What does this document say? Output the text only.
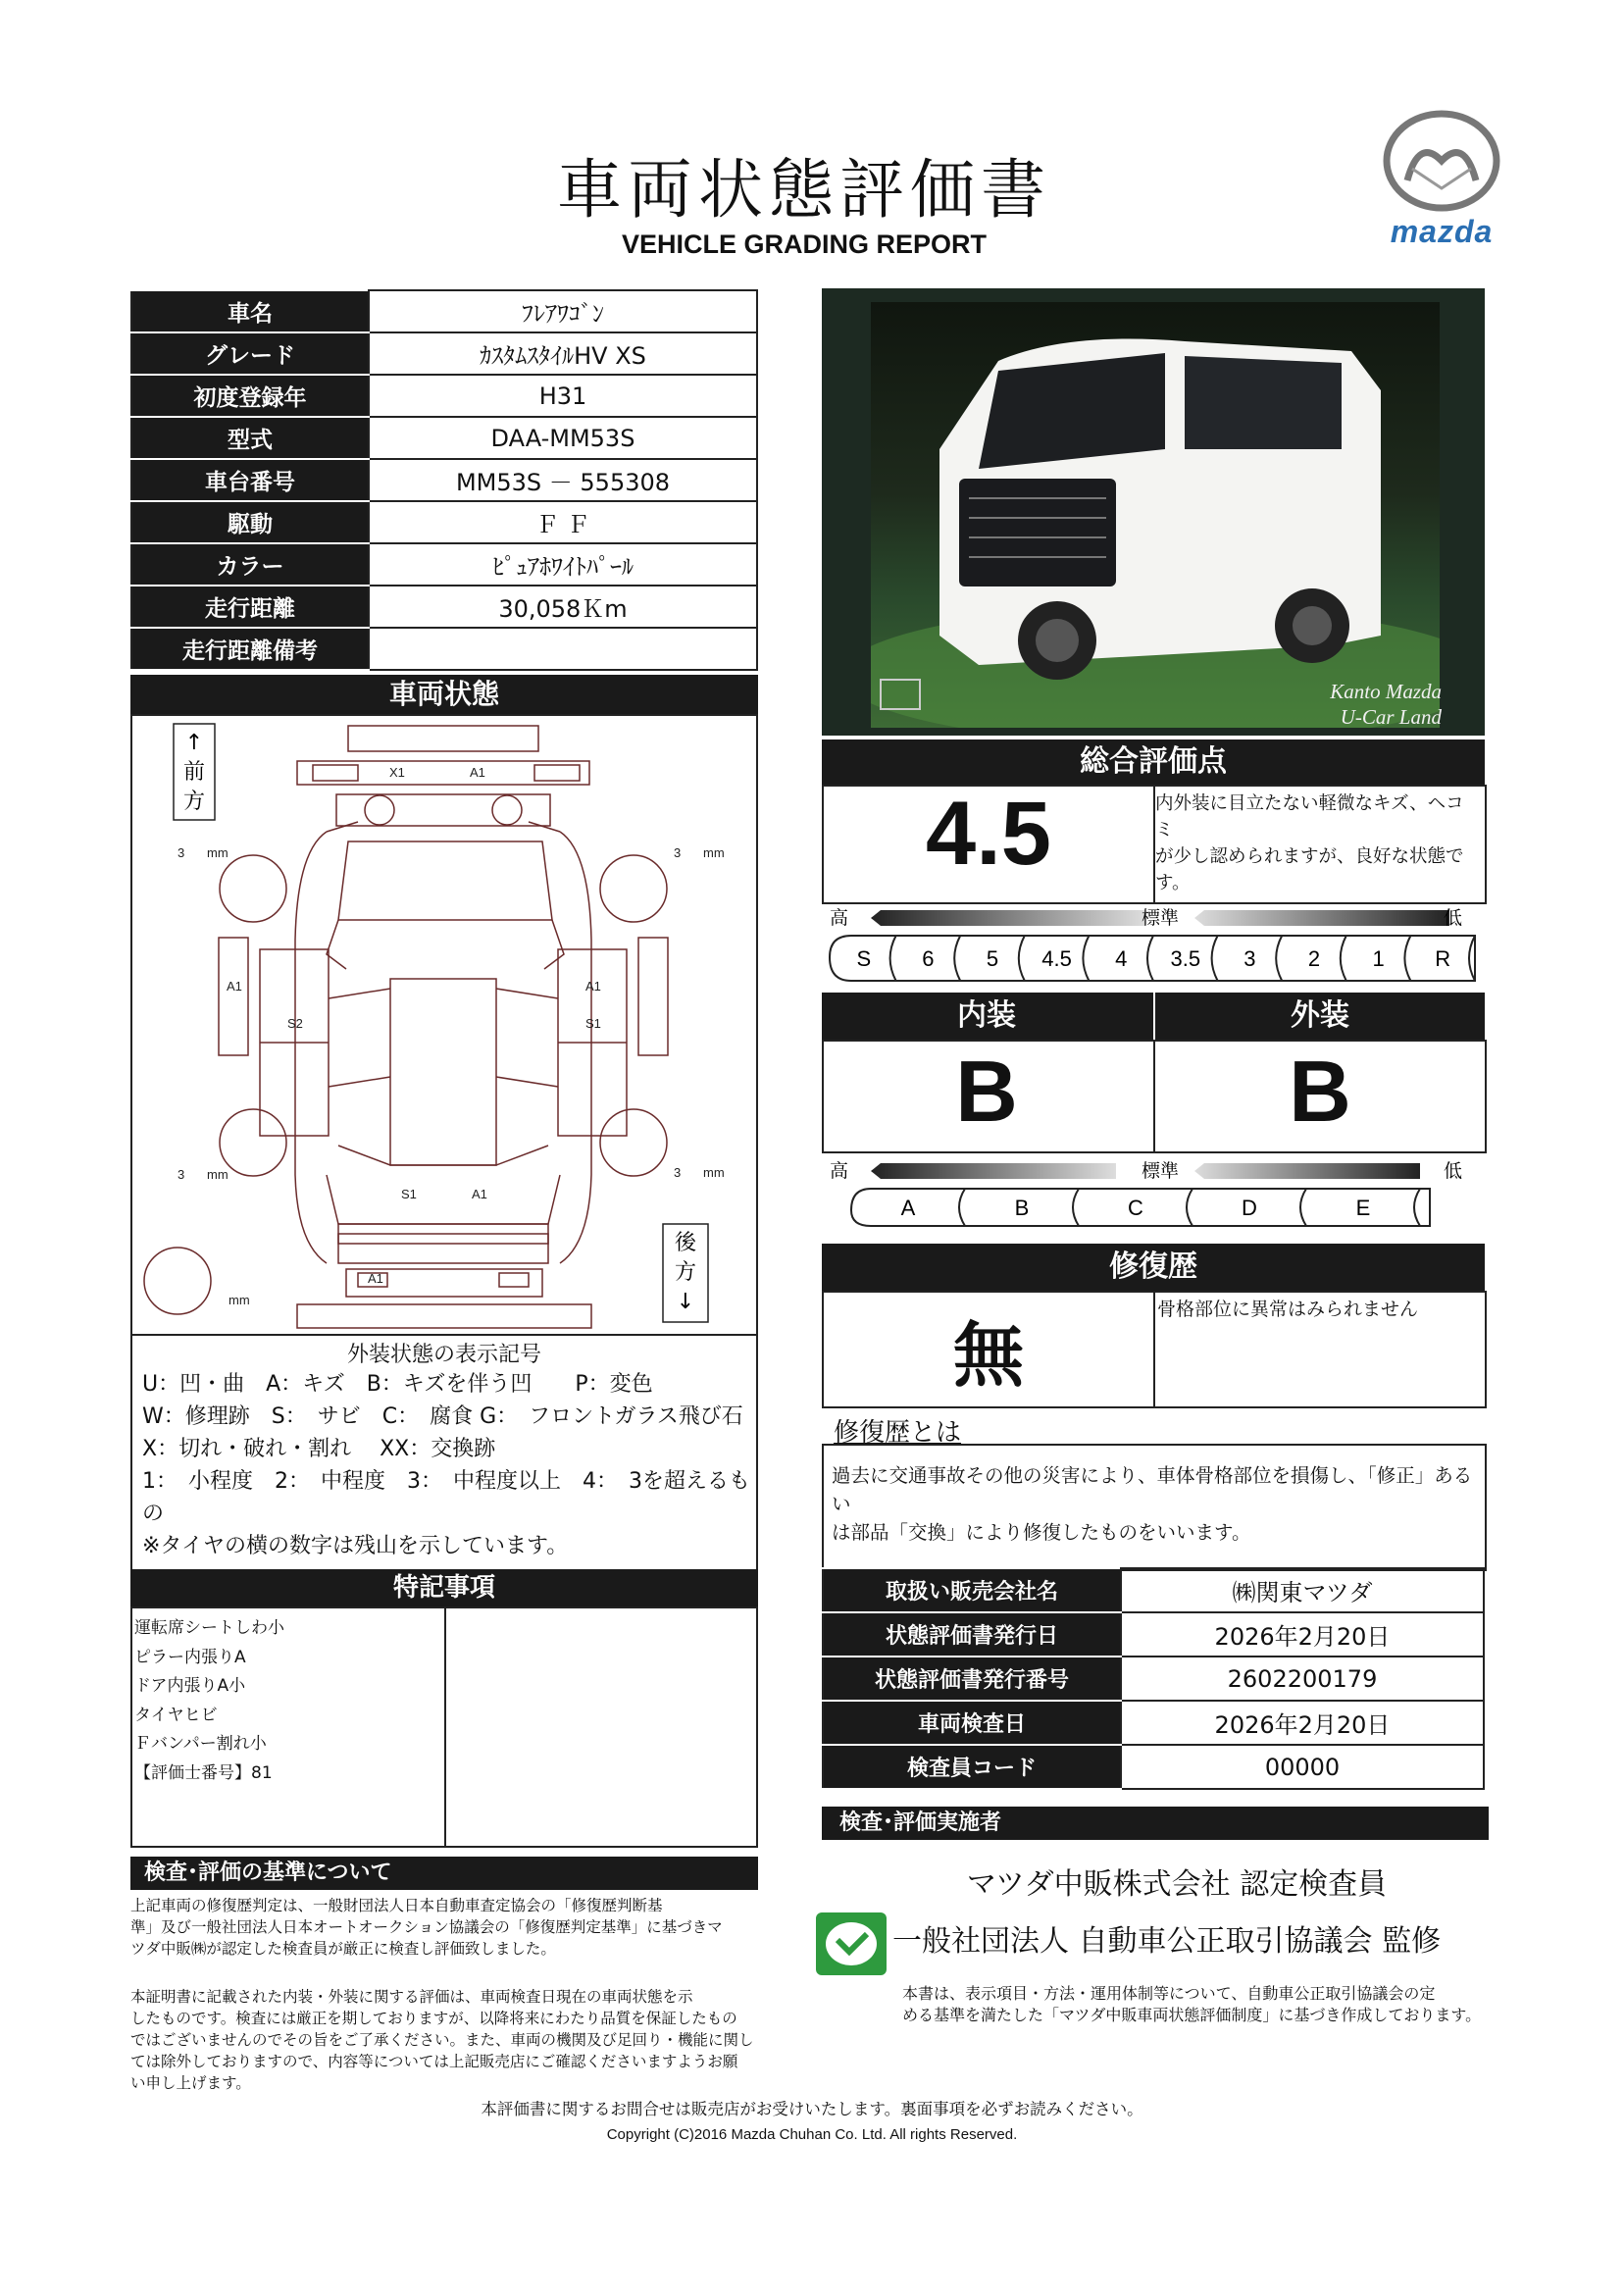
車両状態評価書
VEHICLE GRADING REPORT	mazda
車名	ﾌﾚｱﾜｺﾞﾝ
グレード	ｶｽﾀﾑｽﾀｲﾙHV XS
初度登録年	H31
型式	DAA-MM53S
車台番号	MM53S － 555308
駆動	Ｆ Ｆ
カラー	ﾋﾟｭｱﾎﾜｲﾄﾊﾟｰﾙ
走行距離	30,058Ｋm
走行距離備考	
車両状態
↑
前
方
後
方
↓
3 mm	3 mm
3 mm	3 mm
mm
X1	A1
A1	A1
S2	S1
S1	A1
A1
外装状態の表示記号
U：凹・曲　A：キズ　B：キズを伴う凹　　P：変色
W：修理跡　S：　サビ　C：　腐食 G：　フロントガラス飛び石
X：切れ・破れ・割れ　 XX：交換跡
1：　小程度　2：　中程度　3：　中程度以上　4：　3を超えるもの
※タイヤの横の数字は残山を示しています。
特記事項
運転席シートしわ小
ピラー内張りA
ドア内張りA小
タイヤヒビ
Ｆバンパー割れ小
【評価士番号】81
検査･評価の基準について
上記車両の修復歴判定は、一般財団法人日本自動車査定協会の「修復歴判断基
準」及び一般社団法人日本オートオークション協議会の「修復歴判定基準」に基づきマ
ツダ中販㈱が認定した検査員が厳正に検査し評価致しました。
本証明書に記載された内装・外装に関する評価は、車両検査日現在の車両状態を示
したものです。検査には厳正を期しておりますが、以降将来にわたり品質を保証したもの
ではございませんのでその旨をご了承ください。また、車両の機関及び足回り・機能に関し
ては除外しておりますので、内容等については上記販売店にご確認くださいますようお願
い申し上げます。
Kanto Mazda
U-Car Land
総合評価点
4.5	内外装に目立たない軽微なキズ、ヘコミ
が少し認められますが、良好な状態で
す。
高	標準	低
S 6 5 4.5 4 3.5 3 2 1 R
内装	外装
B	B
高	標準	低
A	B	C	D	E
修復歴
無
骨格部位に異常はみられません
修復歴とは
過去に交通事故その他の災害により、車体骨格部位を損傷し、「修正」あるい
は部品「交換」により修復したものをいいます。
取扱い販売会社名	㈱関東マツダ
状態評価書発行日	2026年2月20日
状態評価書発行番号	2602200179
車両検査日	2026年2月20日
検査員コード	00000
検査･評価実施者
マツダ中販株式会社 認定検査員
一般社団法人 自動車公正取引協議会 監修
本書は、表示項目・方法・運用体制等について、自動車公正取引協議会の定
める基準を満たした「マツダ中販車両状態評価制度」に基づき作成しております。
本評価書に関するお問合せは販売店がお受けいたします。裏面事項を必ずお読みください。
Copyright (C)2016 Mazda Chuhan Co. Ltd. All rights Reserved.
